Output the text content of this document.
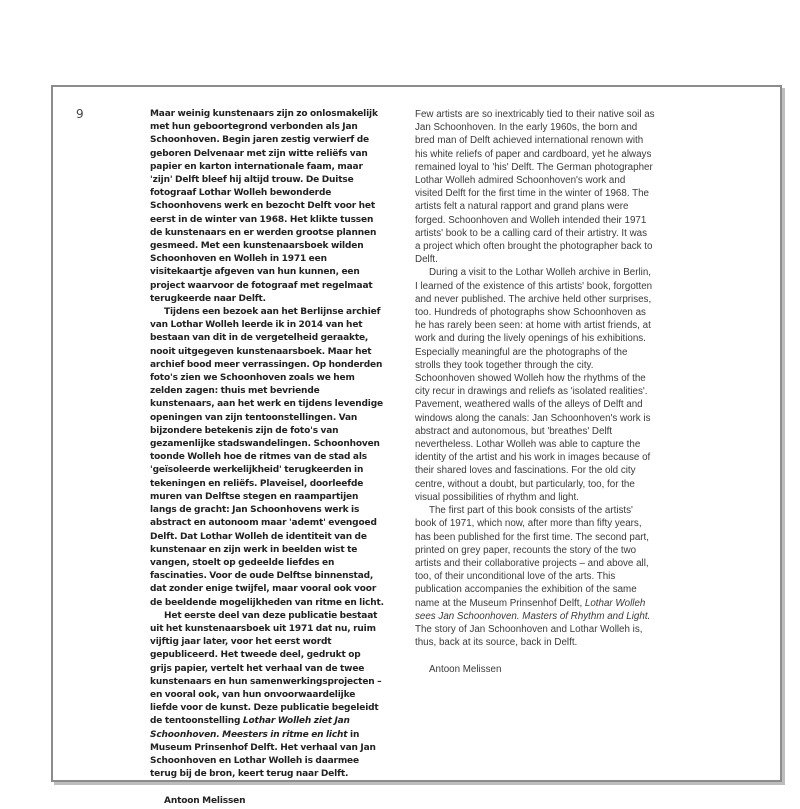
9	Maar weinig kunstenaars zijn zo onlosmakelijk met hun geboortegrond verbonden als Jan Schoonhoven. Begin jaren zestig verwierf de geboren Delvenaar met zijn witte reliëfs van papier en karton internationale faam, maar 'zijn' Delft bleef hij altijd trouw. De Duitse fotograaf Lothar Wolleh bewonderde Schoonhovens werk en bezocht Delft voor het eerst in de winter van 1968. Het klikte tussen de kunstenaars en er werden grootse plannen gesmeed. Met een kunstenaarsboek wilden Schoonhoven en Wolleh in 1971 een visitekaartje afgeven van hun kunnen, een project waarvoor de fotograaf met regelmaat terugkeerde naar Delft.

Tijdens een bezoek aan het Berlijnse archief van Lothar Wolleh leerde ik in 2014 van het bestaan van dit in de vergetelheid geraakte, nooit uitgegeven kunstenaarsboek. Maar het archief bood meer verrassingen. Op honderden foto's zien we Schoonhoven zoals we hem zelden zagen: thuis met bevriende kunstenaars, aan het werk en tijdens levendige openingen van zijn tentoonstellingen. Van bijzondere betekenis zijn de foto's van gezamenlijke stadswandelingen. Schoonhoven toonde Wolleh hoe de ritmes van de stad als 'geïsoleerde werkelijkheid' terugkeerden in tekeningen en reliëfs. Plaveisel, doorleefde muren van Delftse stegen en raampartijen langs de gracht: Jan Schoonhovens werk is abstract en autonoom maar 'ademt' evengoed Delft. Dat Lothar Wolleh de identiteit van de kunstenaar en zijn werk in beelden wist te vangen, stoelt op gedeelde liefdes en fascinaties. Voor de oude Delftse binnenstad, dat zonder enige twijfel, maar vooral ook voor de beeldende mogelijkheden van ritme en licht.

Het eerste deel van deze publicatie bestaat uit het kunstenaarsboek uit 1971 dat nu, ruim vijftig jaar later, voor het eerst wordt gepubliceerd. Het tweede deel, gedrukt op grijs papier, vertelt het verhaal van de twee kunstenaars en hun samenwerkingsprojecten – en vooral ook, van hun onvoorwaardelijke liefde voor de kunst. Deze publicatie begeleidt de tentoonstelling Lothar Wolleh ziet Jan Schoonhoven. Meesters in ritme en licht in Museum Prinsenhof Delft. Het verhaal van Jan Schoonhoven en Lothar Wolleh is daarmee terug bij de bron, keert terug naar Delft.

Antoon Melissen

Few artists are so inextricably tied to their native soil as Jan Schoonhoven. In the early 1960s, the born and bred man of Delft achieved international renown with his white reliefs of paper and cardboard, yet he always remained loyal to 'his' Delft. The German photographer Lothar Wolleh admired Schoonhoven's work and visited Delft for the first time in the winter of 1968. The artists felt a natural rapport and grand plans were forged. Schoonhoven and Wolleh intended their 1971 artists' book to be a calling card of their artistry. It was a project which often brought the photographer back to Delft.

During a visit to the Lothar Wolleh archive in Berlin, I learned of the existence of this artists' book, forgotten and never published. The archive held other surprises, too. Hundreds of photographs show Schoonhoven as he has rarely been seen: at home with artist friends, at work and during the lively openings of his exhibitions. Especially meaningful are the photographs of the strolls they took together through the city. Schoonhoven showed Wolleh how the rhythms of the city recur in drawings and reliefs as 'isolated realities'. Pavement, weathered walls of the alleys of Delft and windows along the canals: Jan Schoonhoven's work is abstract and autonomous, but 'breathes' Delft nevertheless. Lothar Wolleh was able to capture the identity of the artist and his work in images because of their shared loves and fascinations. For the old city centre, without a doubt, but particularly, too, for the visual possibilities of rhythm and light.

The first part of this book consists of the artists' book of 1971, which now, after more than fifty years, has been published for the first time. The second part, printed on grey paper, recounts the story of the two artists and their collaborative projects – and above all, too, of their unconditional love of the arts. This publication accompanies the exhibition of the same name at the Museum Prinsenhof Delft, Lothar Wolleh sees Jan Schoonhoven. Masters of Rhythm and Light. The story of Jan Schoonhoven and Lothar Wolleh is, thus, back at its source, back in Delft.

Antoon Melissen
